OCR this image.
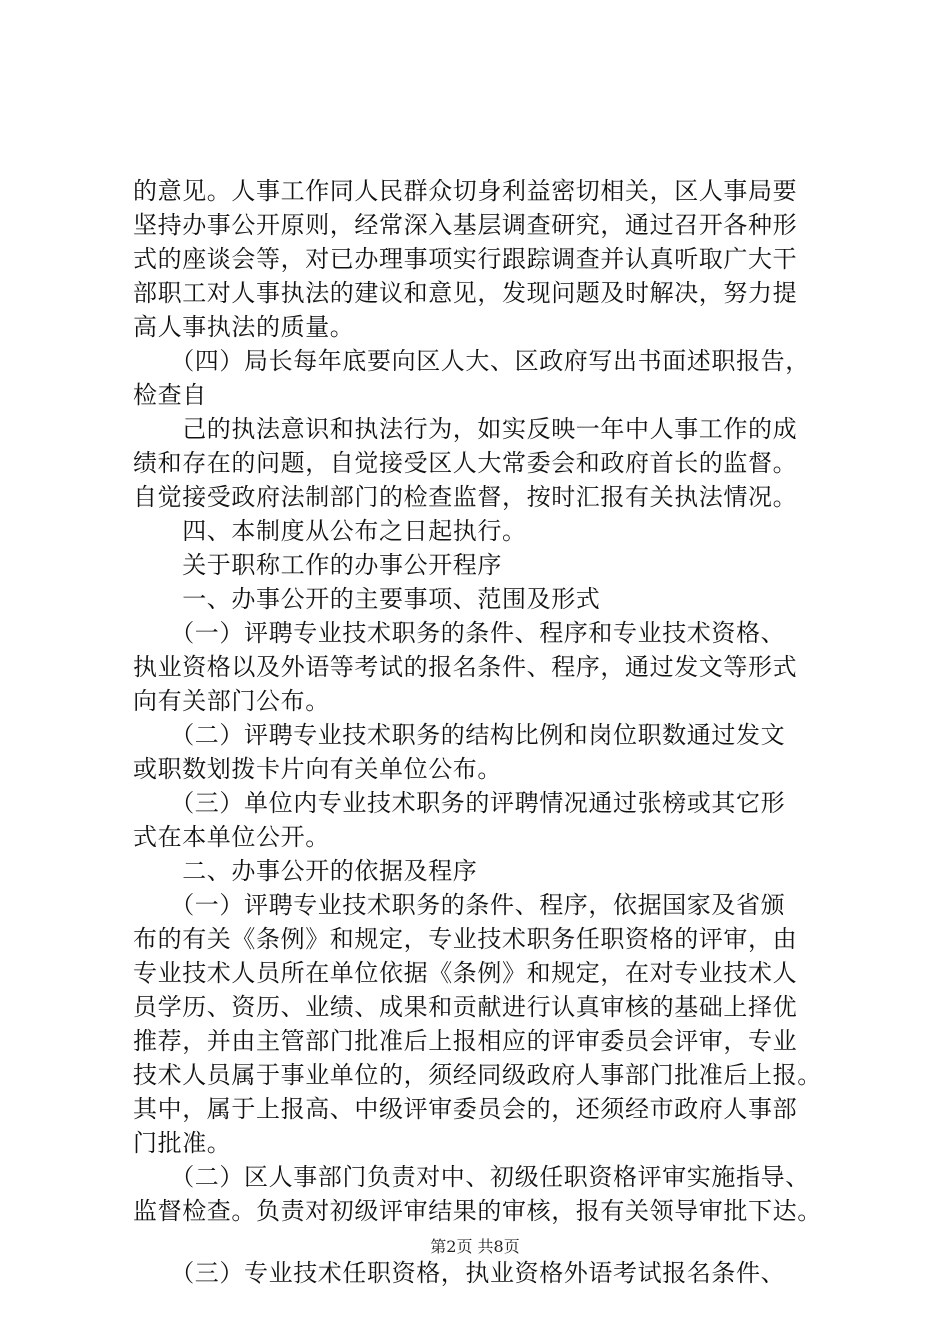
的意见。人事工作同人民群众切身利益密切相关，区人事局要
坚持办事公开原则，经常深入基层调查研究，通过召开各种形
式的座谈会等，对已办理事项实行跟踪调查并认真听取广大干
部职工对人事执法的建议和意见，发现问题及时解决，努力提
高人事执法的质量。
　　（四）局长每年底要向区人大、区政府写出书面述职报告，
检查自
　　己的执法意识和执法行为，如实反映一年中人事工作的成
绩和存在的问题，自觉接受区人大常委会和政府首长的监督。
自觉接受政府法制部门的检查监督，按时汇报有关执法情况。
　　四、本制度从公布之日起执行。
　　关于职称工作的办事公开程序
　　一、办事公开的主要事项、范围及形式
　　（一）评聘专业技术职务的条件、程序和专业技术资格、
执业资格以及外语等考试的报名条件、程序，通过发文等形式
向有关部门公布。
　　（二）评聘专业技术职务的结构比例和岗位职数通过发文
或职数划拨卡片向有关单位公布。
　　（三）单位内专业技术职务的评聘情况通过张榜或其它形
式在本单位公开。
　　二、办事公开的依据及程序
　　（一）评聘专业技术职务的条件、程序，依据国家及省颁
布的有关《条例》和规定，专业技术职务任职资格的评审，由
专业技术人员所在单位依据《条例》和规定，在对专业技术人
员学历、资历、业绩、成果和贡献进行认真审核的基础上择优
推荐，并由主管部门批准后上报相应的评审委员会评审，专业
技术人员属于事业单位的，须经同级政府人事部门批准后上报。
其中，属于上报高、中级评审委员会的，还须经市政府人事部
门批准。
　　（二）区人事部门负责对中、初级任职资格评审实施指导、
监督检查。负责对初级评审结果的审核，报有关领导审批下达。
　　（三）专业技术任职资格，执业资格外语考试报名条件、
第2页 共8页
